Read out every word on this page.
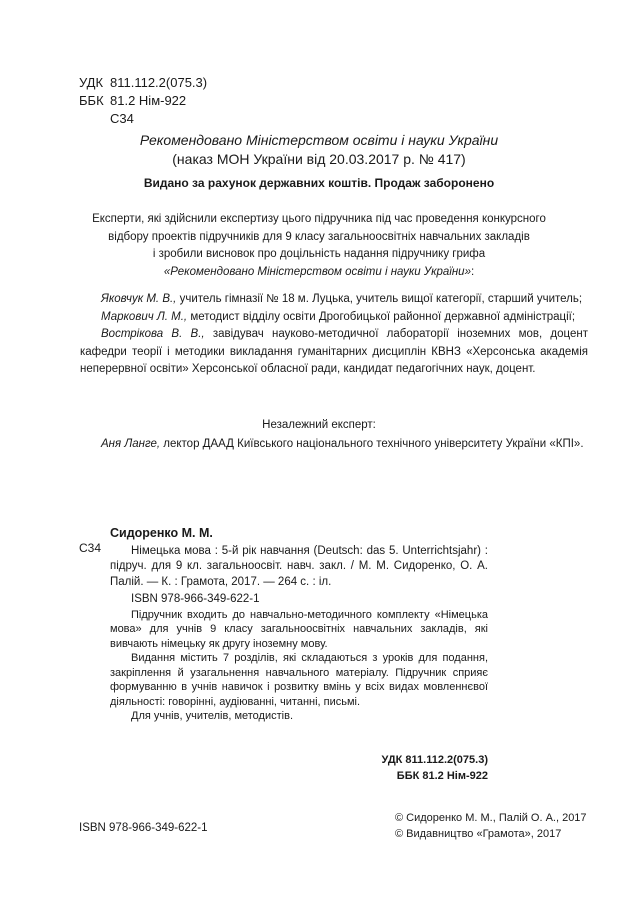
УДК 811.112.2(075.3)
ББК 81.2 Нім-922
С34
Рекомендовано Міністерством освіти і науки України
(наказ МОН України від 20.03.2017 р. № 417)
Видано за рахунок державних коштів. Продаж заборонено
Експерти, які здійснили експертизу цього підручника під час проведення конкурсного
відбору проектів підручників для 9 класу загальноосвітніх навчальних закладів
і зробили висновок про доцільність надання підручнику грифа
«Рекомендовано Міністерством освіти і науки України»:

Яковчук М. В., учитель гімназії № 18 м. Луцька, учитель вищої категорії, старший учитель;

Маркович Л. М., методист відділу освіти Дрогобицької районної державної адміністрації;

Вострікова В. В., завідувач науково-методичної лабораторії іноземних мов, доцент кафедри теорії і методики викладання гуманітарних дисциплін КВНЗ «Херсонська академія неперервної освіти» Херсонської обласної ради, кандидат педагогічних наук, доцент.

Незалежний експерт:

Аня Ланге, лектор ДААД Київського національного технічного університету України «КПІ».

С34
Сидоренко М. М.
Німецька мова : 5-й рік навчання (Deutsch: das 5. Unterrichtsjahr) : підруч. для 9 кл. загальноосвіт. навч. закл. / М. М. Сидоренко, О. А. Палій. — К. : Грамота, 2017. — 264 с. : іл.
ISBN 978-966-349-622-1

Підручник входить до навчально-методичного комплекту «Німецька мова» для учнів 9 класу загальноосвітніх навчальних закладів, які вивчають німецьку як другу іноземну мову.

Видання містить 7 розділів, які складаються з уроків для подання, закріплення й узагальнення навчального матеріалу. Підручник сприяє формуванню в учнів навичок і розвитку вмінь у всіх видах мовленнєвої діяльності: говорінні, аудіюванні, читанні, письмі.

Для учнів, учителів, методистів.

УДК 811.112.2(075.3)
ББК 81.2 Нім-922
ISBN 978-966-349-622-1
© Сидоренко М. М., Палій О. А., 2017
© Видавництво «Грамота», 2017
